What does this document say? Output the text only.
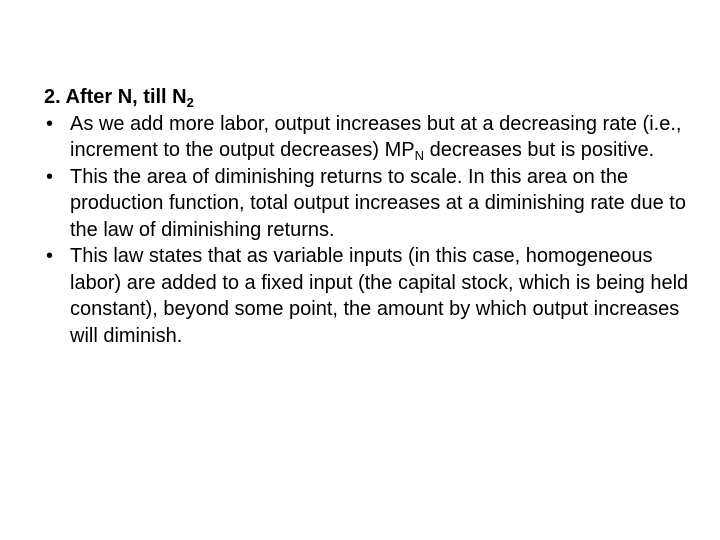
2. After N, till $N_2$

• As we add more labor, output increases but at a decreasing rate (i.e., increment to the output decreases) $MP_N$ decreases but is positive.
• This the area of diminishing returns to scale. In this area on the production function, total output increases at a diminishing rate due to the law of diminishing returns.
• This law states that as variable inputs (in this case, homogeneous labor) are added to a fixed input (the capital stock, which is being held constant), beyond some point, the amount by which output increases will diminish.
